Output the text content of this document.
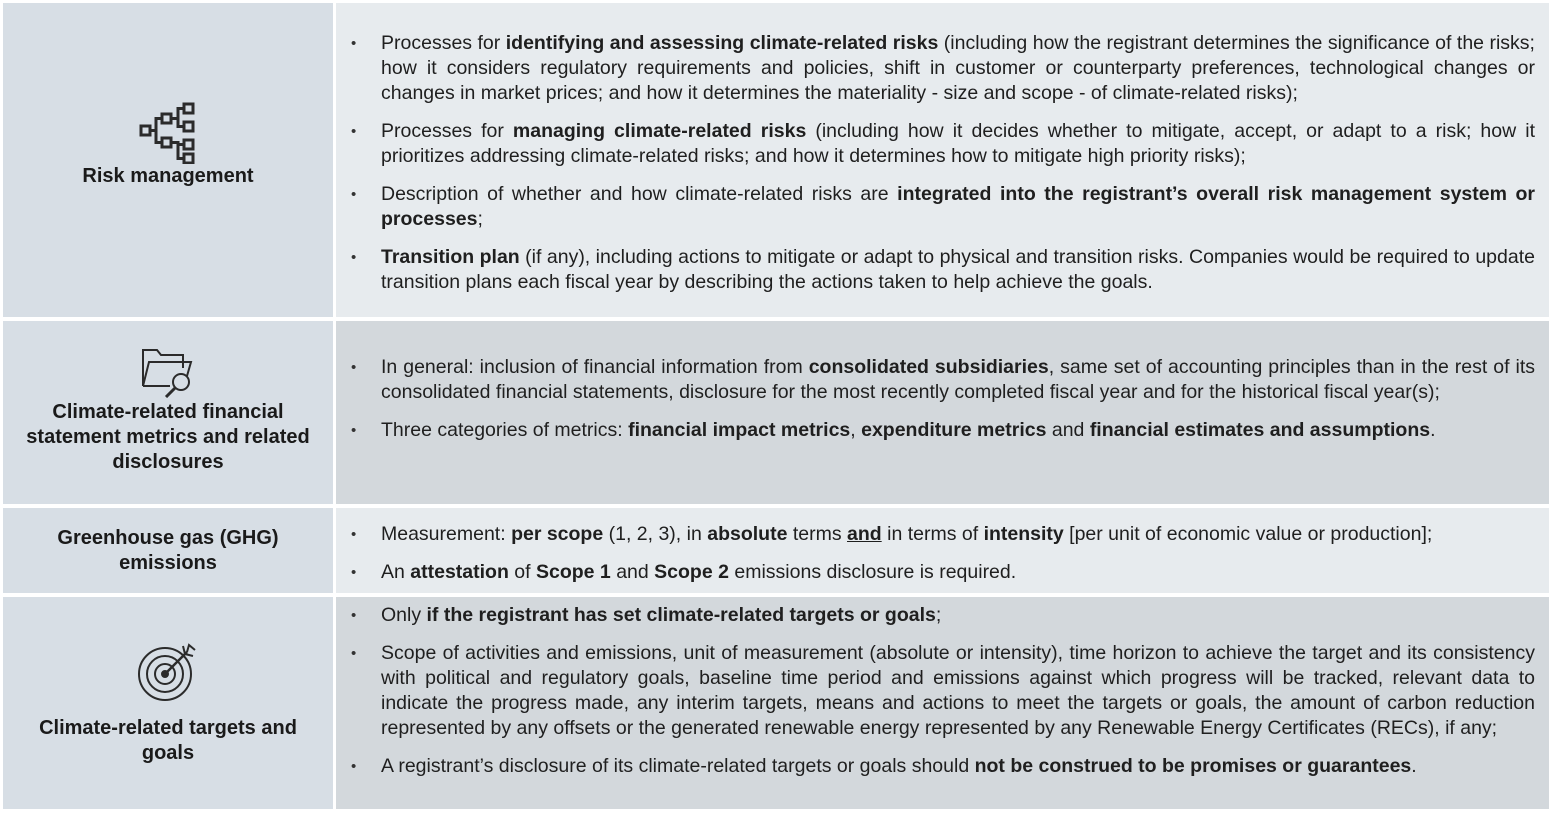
Risk management
• Processes for identifying and assessing climate-related risks (including how the registrant determines the significance of the risks; how it considers regulatory requirements and policies, shift in customer or counterparty preferences, technological changes or changes in market prices; and how it determines the materiality - size and scope - of climate-related risks);
• Processes for managing climate-related risks (including how it decides whether to mitigate, accept, or adapt to a risk; how it prioritizes addressing climate-related risks; and how it determines how to mitigate high priority risks);
• Description of whether and how climate-related risks are integrated into the registrant’s overall risk management system or processes;
• Transition plan (if any), including actions to mitigate or adapt to physical and transition risks. Companies would be required to update transition plans each fiscal year by describing the actions taken to help achieve the goals.
Climate-related financial statement metrics and related disclosures
• In general: inclusion of financial information from consolidated subsidiaries, same set of accounting principles than in the rest of its consolidated financial statements, disclosure for the most recently completed fiscal year and for the historical fiscal year(s);
• Three categories of metrics: financial impact metrics, expenditure metrics and financial estimates and assumptions.
Greenhouse gas (GHG) emissions
• Measurement: per scope (1, 2, 3), in absolute terms and in terms of intensity [per unit of economic value or production];
• An attestation of Scope 1 and Scope 2 emissions disclosure is required.
Climate-related targets and goals
• Only if the registrant has set climate-related targets or goals;
• Scope of activities and emissions, unit of measurement (absolute or intensity), time horizon to achieve the target and its consistency with political and regulatory goals, baseline time period and emissions against which progress will be tracked, relevant data to indicate the progress made, any interim targets, means and actions to meet the targets or goals, the amount of carbon reduction represented by any offsets or the generated renewable energy represented by any Renewable Energy Certificates (RECs), if any;
• A registrant’s disclosure of its climate-related targets or goals should not be construed to be promises or guarantees.
